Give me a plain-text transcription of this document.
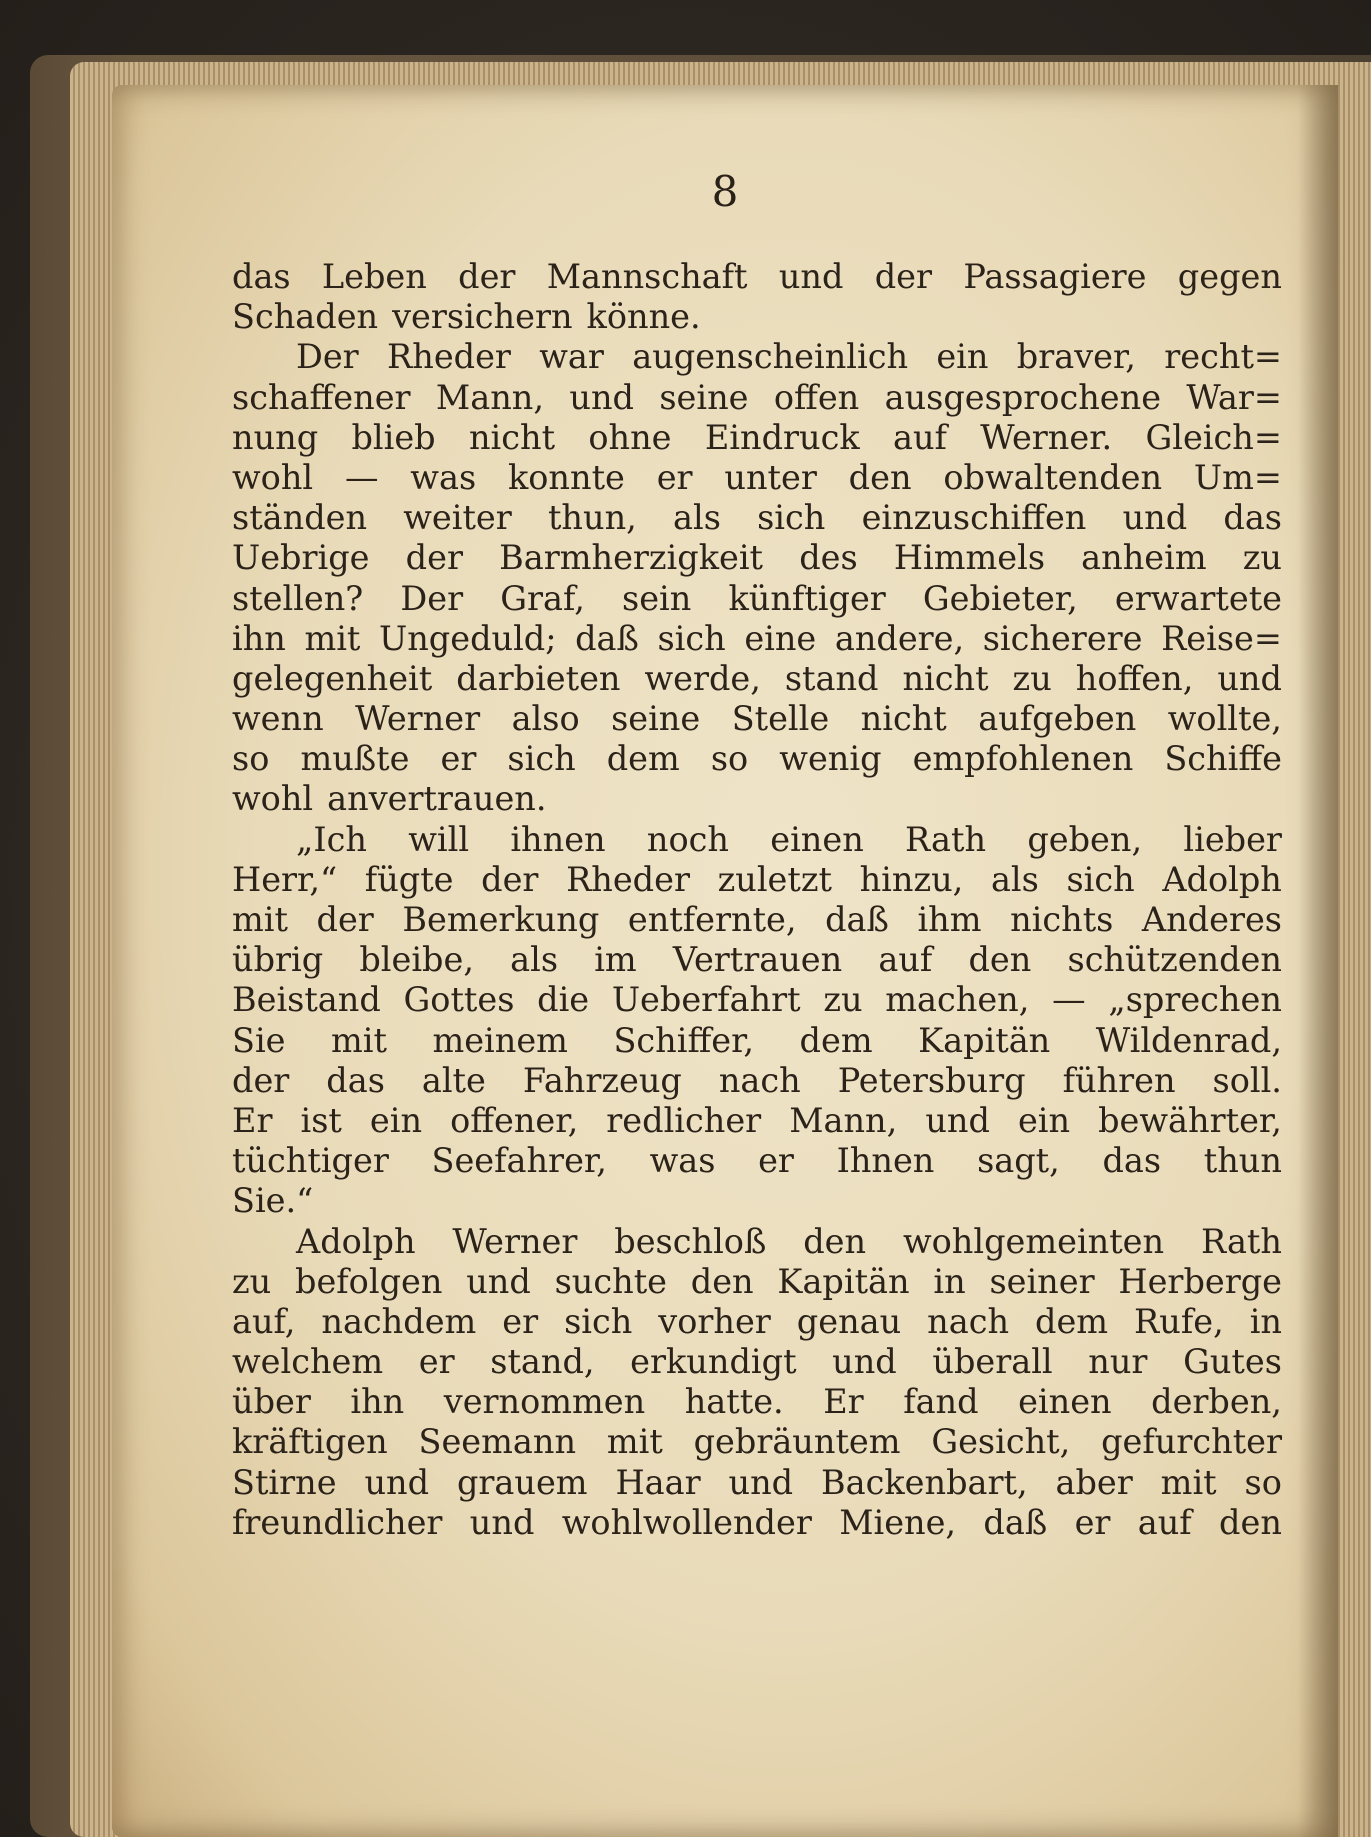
8
das Leben der Mannschaft und der Passagiere gegen
Schaden versichern könne.
Der Rheder war augenscheinlich ein braver, recht=
schaffener Mann, und seine offen ausgesprochene War=
nung blieb nicht ohne Eindruck auf Werner. Gleich=
wohl — was konnte er unter den obwaltenden Um=
ständen weiter thun, als sich einzuschiffen und das
Uebrige der Barmherzigkeit des Himmels anheim zu
stellen? Der Graf, sein künftiger Gebieter, erwartete
ihn mit Ungeduld; daß sich eine andere, sicherere Reise=
gelegenheit darbieten werde, stand nicht zu hoffen, und
wenn Werner also seine Stelle nicht aufgeben wollte,
so mußte er sich dem so wenig empfohlenen Schiffe
wohl anvertrauen.
„Ich will ihnen noch einen Rath geben, lieber
Herr,“ fügte der Rheder zuletzt hinzu, als sich Adolph
mit der Bemerkung entfernte, daß ihm nichts Anderes
übrig bleibe, als im Vertrauen auf den schützenden
Beistand Gottes die Ueberfahrt zu machen, — „sprechen
Sie mit meinem Schiffer, dem Kapitän Wildenrad,
der das alte Fahrzeug nach Petersburg führen soll.
Er ist ein offener, redlicher Mann, und ein bewährter,
tüchtiger Seefahrer, was er Ihnen sagt, das thun
Sie.“
Adolph Werner beschloß den wohlgemeinten Rath
zu befolgen und suchte den Kapitän in seiner Herberge
auf, nachdem er sich vorher genau nach dem Rufe, in
welchem er stand, erkundigt und überall nur Gutes
über ihn vernommen hatte. Er fand einen derben,
kräftigen Seemann mit gebräuntem Gesicht, gefurchter
Stirne und grauem Haar und Backenbart, aber mit so
freundlicher und wohlwollender Miene, daß er auf den
